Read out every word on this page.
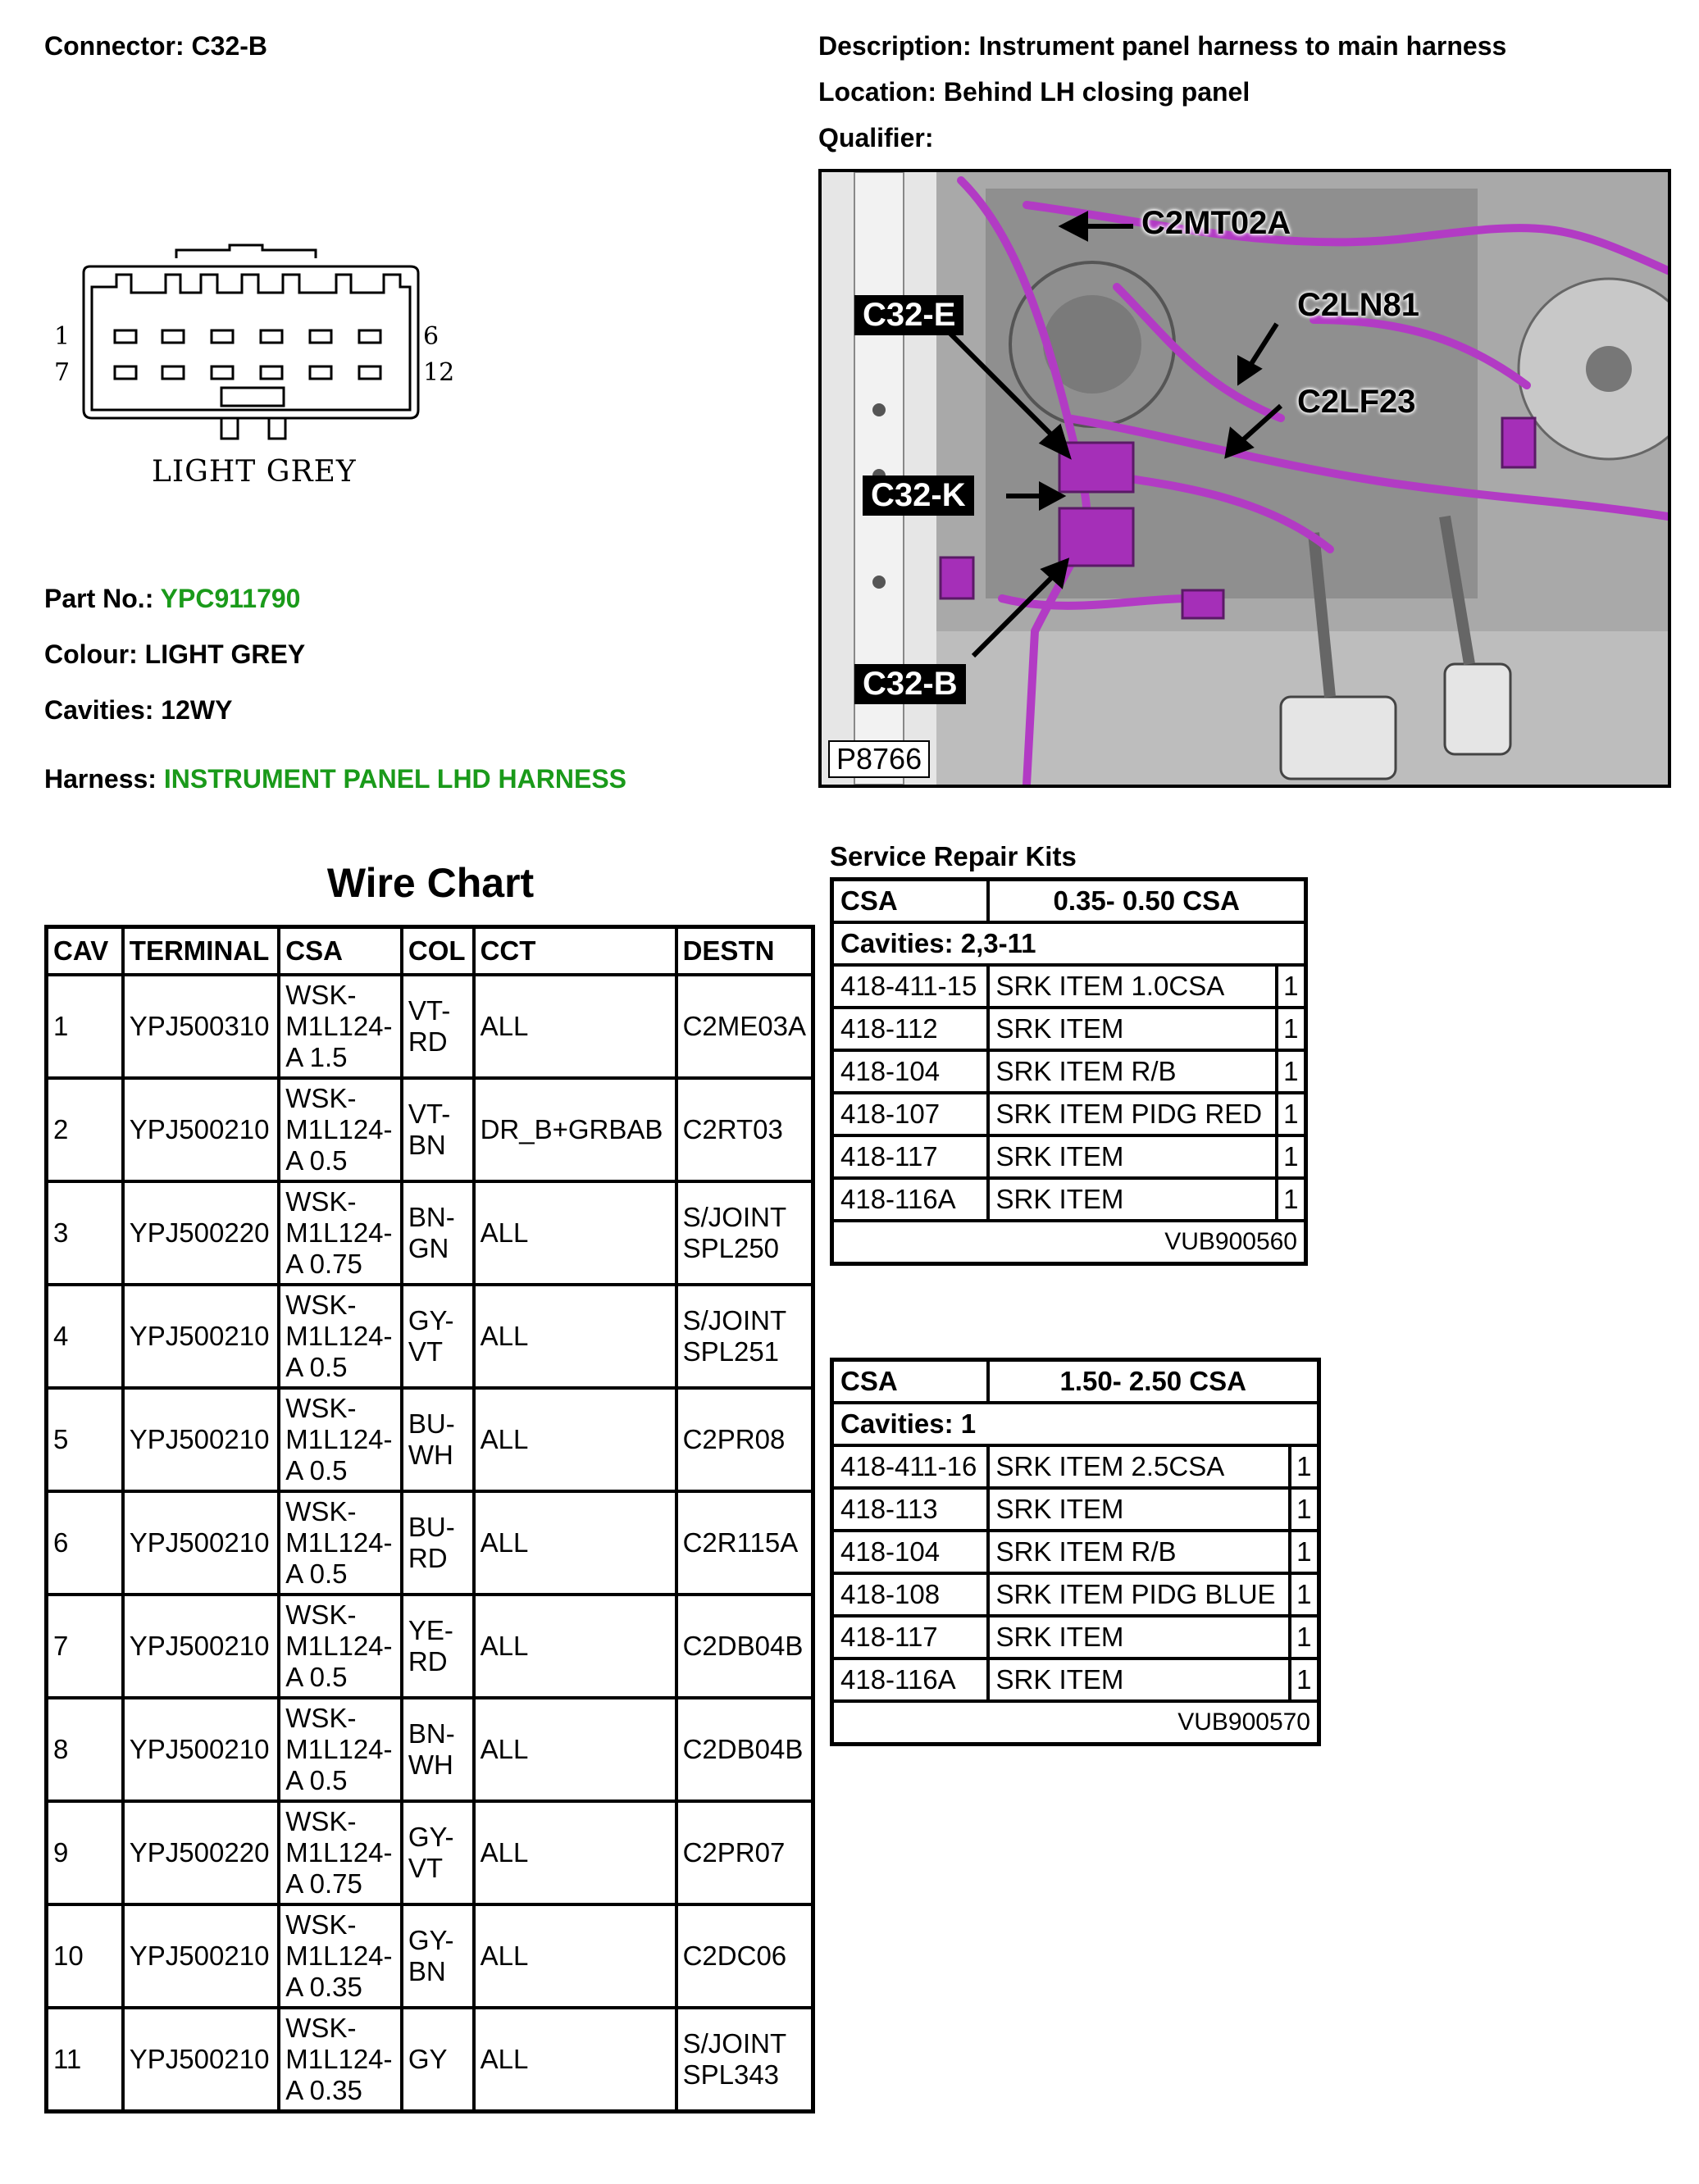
Connector: C32-B	Description: Instrument panel harness to main harness
Location: Behind LH closing panel
Qualifier:
1
7
6
12
LIGHT GREY
Part No.: YPC911790
Colour: LIGHT GREY
Cavities: 12WY
Harness: INSTRUMENT PANEL LHD HARNESS
C2MT02A
C32-E	C2LN81
C2LF23
C32-K
C32-B
P8766
Wire Chart
CAV	TERMINAL	CSA	COL	CCT	DESTN
1	YPJ500310	WSK-
M1L124-
A 1.5	VT-
RD	ALL	C2ME03A
2	YPJ500210	WSK-
M1L124-
A 0.5	VT-
BN	DR_B+GRBAB	C2RT03
3	YPJ500220	WSK-
M1L124-
A 0.75	BN-
GN	ALL	S/JOINT
SPL250
4	YPJ500210	WSK-
M1L124-
A 0.5	GY-
VT	ALL	S/JOINT
SPL251
5	YPJ500210	WSK-
M1L124-
A 0.5	BU-
WH	ALL	C2PR08
6	YPJ500210	WSK-
M1L124-
A 0.5	BU-
RD	ALL	C2R115A
7	YPJ500210	WSK-
M1L124-
A 0.5	YE-
RD	ALL	C2DB04B
8	YPJ500210	WSK-
M1L124-
A 0.5	BN-
WH	ALL	C2DB04B
9	YPJ500220	WSK-
M1L124-
A 0.75	GY-
VT	ALL	C2PR07
10	YPJ500210	WSK-
M1L124-
A 0.35	GY-
BN	ALL	C2DC06
11	YPJ500210	WSK-
M1L124-
A 0.35	GY	ALL	S/JOINT
SPL343
Service Repair Kits
CSA	0.35- 0.50 CSA	
Cavities: 2,3-11		
418-411-15	SRK ITEM 1.0CSA	1
418-112	SRK ITEM	1
418-104	SRK ITEM R/B	1
418-107	SRK ITEM PIDG RED	1
418-117	SRK ITEM	1
418-116A	SRK ITEM	1
VUB900560		
CSA	1.50- 2.50 CSA	
Cavities: 1		
418-411-16	SRK ITEM 2.5CSA	1
418-113	SRK ITEM	1
418-104	SRK ITEM R/B	1
418-108	SRK ITEM PIDG BLUE	1
418-117	SRK ITEM	1
418-116A	SRK ITEM	1
VUB900570		
